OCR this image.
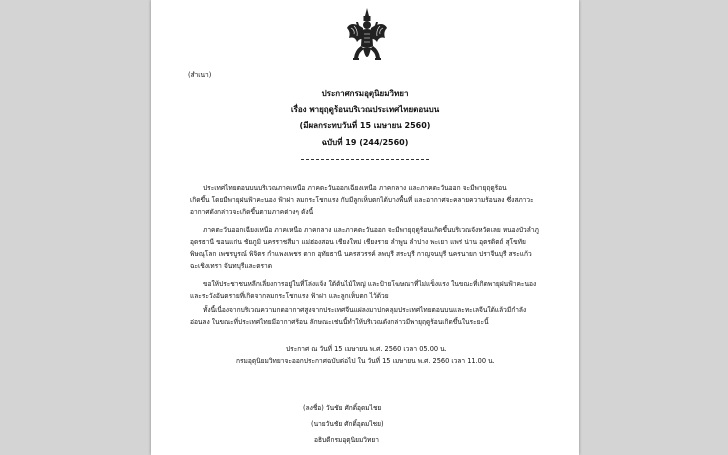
(สำเนา)
ประกาศกรมอุตุนิยมวิทยา
เรื่อง พายุฤดูร้อนบริเวณประเทศไทยตอนบน
(มีผลกระทบวันที่ 15 เมษายน 2560)
ฉบับที่ 19 (244/2560)
ประเทศไทยตอนบนบริเวณภาคเหนือ ภาคตะวันออกเฉียงเหนือ ภาคกลาง และภาคตะวันออก จะมีพายุฤดูร้อน
เกิดขึ้น โดยมีพายุฝนฟ้าคะนอง ฟ้าผ่า ลมกระโชกแรง กับมีลูกเห็บตกได้บางพื้นที่ และอากาศจะคลายความร้อนลง ซึ่งสภาวะ
อากาศดังกล่าวจะเกิดขึ้นตามภาคต่างๆ ดังนี้
ภาคตะวันออกเฉียงเหนือ ภาคเหนือ ภาคกลาง และภาคตะวันออก จะมีพายุฤดูร้อนเกิดขึ้นบริเวณจังหวัดเลย หนองบัวลำภู
อุดรธานี ขอนแก่น ชัยภูมิ นครราชสีมา แม่ฮ่องสอน เชียงใหม่ เชียงราย ลำพูน ลำปาง พะเยา แพร่ น่าน อุตรดิตถ์ สุโขทัย
พิษณุโลก เพชรบูรณ์ พิจิตร กำแพงเพชร ตาก อุทัยธานี นครสวรรค์ ลพบุรี สระบุรี กาญจนบุรี นครนายก ปราจีนบุรี สระแก้ว
ฉะเชิงเทรา จันทบุรีและตราด
ขอให้ประชาชนหลีกเลี่ยงการอยู่ในที่โล่งแจ้ง ใต้ต้นไม้ใหญ่ และป้ายโฆษณาที่ไม่แข็งแรง ในขณะที่เกิดพายุฝนฟ้าคะนอง
และระวังอันตรายที่เกิดจากลมกระโชกแรง ฟ้าผ่า และลูกเห็บตก ไว้ด้วย
ทั้งนี้เนื่องจากบริเวณความกดอากาศสูงจากประเทศจีนแผ่ลงมาปกคลุมประเทศไทยตอนบนและทะเลจีนใต้แล้วมีกำลัง
อ่อนลง ในขณะที่ประเทศไทยมีอากาศร้อน ลักษณะเช่นนี้ทำให้บริเวณดังกล่าวมีพายุฤดูร้อนเกิดขึ้นในระยะนี้
ประกาศ ณ วันที่ 15 เมษายน พ.ศ. 2560 เวลา 05.00 น.
กรมอุตุนิยมวิทยาจะออกประกาศฉบับต่อไป ใน วันที่ 15 เมษายน พ.ศ. 2560 เวลา 11.00 น.
(ลงชื่อ) วันชัย ศักดิ์อุดมไชย
(นายวันชัย ศักดิ์อุดมไชย)
อธิบดีกรมอุตุนิยมวิทยา
